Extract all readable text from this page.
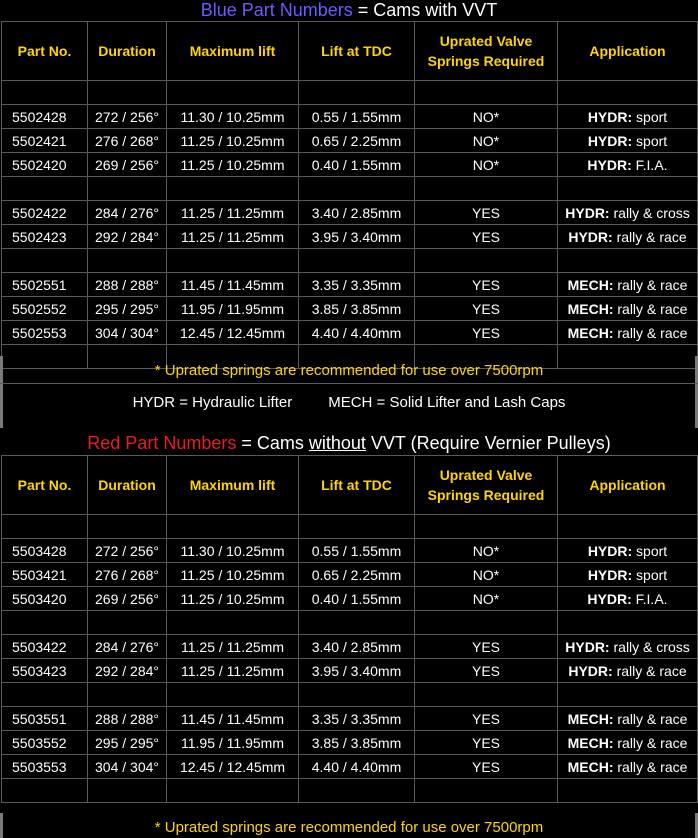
Blue Part Numbers = Cams with VVT
Part No.	Duration	Maximum lift	Lift at TDC	Uprated Valve Springs Required	Application

5502428	272 / 256°	11.30 / 10.25mm	0.55 / 1.55mm	NO*	HYDR: sport
5502421	276 / 268°	11.25 / 10.25mm	0.65 / 2.25mm	NO*	HYDR: sport
5502420	269 / 256°	11.25 / 10.25mm	0.40 / 1.55mm	NO*	HYDR: F.I.A.

5502422	284 / 276°	11.25 / 11.25mm	3.40 / 2.85mm	YES	HYDR: rally & cross
5502423	292 / 284°	11.25 / 11.25mm	3.95 / 3.40mm	YES	HYDR: rally & race

5502551	288 / 288°	11.45 / 11.45mm	3.35 / 3.35mm	YES	MECH: rally & race
5502552	295 / 295°	11.95 / 11.95mm	3.85 / 3.85mm	YES	MECH: rally & race
5502553	304 / 304°	12.45 / 12.45mm	4.40 / 4.40mm	YES	MECH: rally & race

* Uprated springs are recommended for use over 7500rpm
HYDR = Hydraulic Lifter MECH = Solid Lifter and Lash Caps
Red Part Numbers = Cams without VVT (Require Vernier Pulleys)
Part No.	Duration	Maximum lift	Lift at TDC	Uprated Valve Springs Required	Application

5503428	272 / 256°	11.30 / 10.25mm	0.55 / 1.55mm	NO*	HYDR: sport
5503421	276 / 268°	11.25 / 10.25mm	0.65 / 2.25mm	NO*	HYDR: sport
5503420	269 / 256°	11.25 / 10.25mm	0.40 / 1.55mm	NO*	HYDR: F.I.A.

5503422	284 / 276°	11.25 / 11.25mm	3.40 / 2.85mm	YES	HYDR: rally & cross
5503423	292 / 284°	11.25 / 11.25mm	3.95 / 3.40mm	YES	HYDR: rally & race

5503551	288 / 288°	11.45 / 11.45mm	3.35 / 3.35mm	YES	MECH: rally & race
5503552	295 / 295°	11.95 / 11.95mm	3.85 / 3.85mm	YES	MECH: rally & race
5503553	304 / 304°	12.45 / 12.45mm	4.40 / 4.40mm	YES	MECH: rally & race

* Uprated springs are recommended for use over 7500rpm
